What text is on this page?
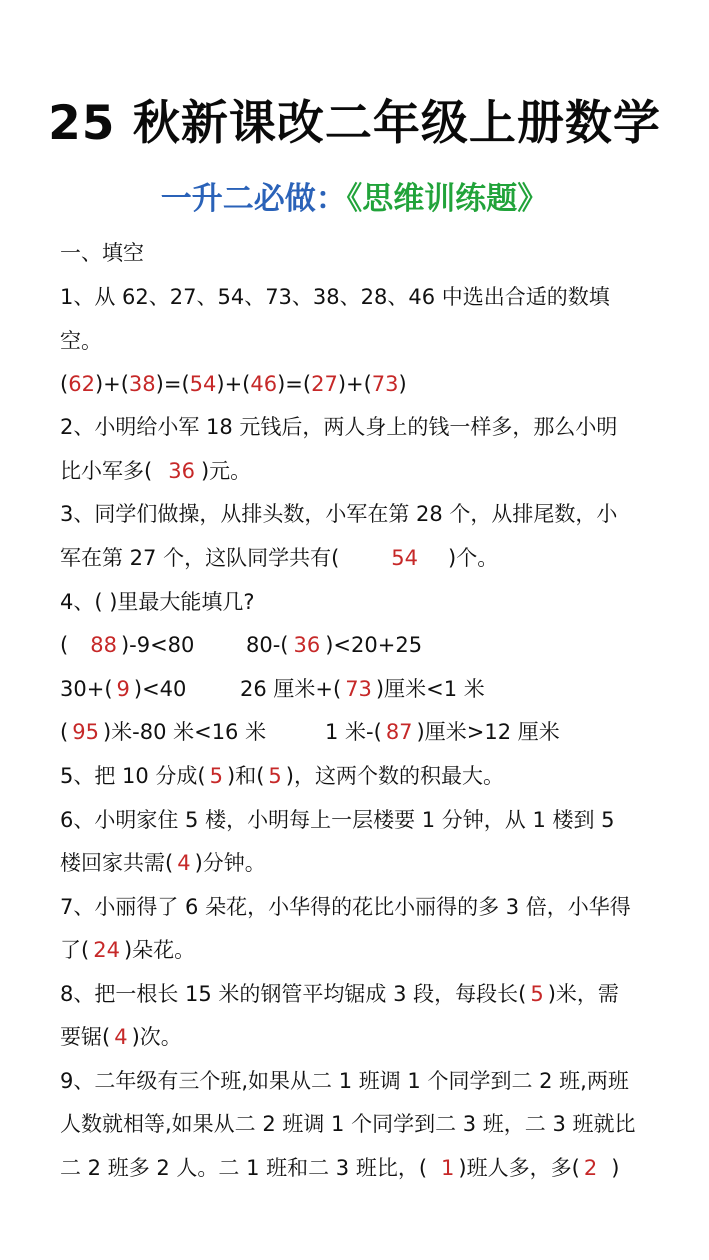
25 秋新课改二年级上册数学
一升二必做：《思维训练题》
一、填空
1、从 62、27、54、73、38、28、46 中选出合适的数填
空。
(62)+(38)=(54)+(46)=(27)+(73)
2、小明给小军 18 元钱后，两人身上的钱一样多，那么小明
比小军多( 36 )元。
3、同学们做操，从排头数，小军在第 28 个，从排尾数，小
军在第 27 个，这队同学共有( 54 )个。
4、( )里最大能填几?
( 88 )-9<80 80-( 36 )<20+25
30+( 9 )<40	26 厘米+( 73 )厘米<1 米
( 95 )米-80 米<16 米	1 米-( 87 )厘米>12 厘米
5、把 10 分成( 5 )和( 5 )，这两个数的积最大。
6、小明家住 5 楼，小明每上一层楼要 1 分钟，从 1 楼到 5
楼回家共需( 4 )分钟。
7、小丽得了 6 朵花，小华得的花比小丽得的多 3 倍，小华得
了( 24 )朵花。
8、把一根长 15 米的钢管平均锯成 3 段，每段长( 5 )米，需
要锯( 4 )次。
9、二年级有三个班,如果从二 1 班调 1 个同学到二 2 班,两班
人数就相等,如果从二 2 班调 1 个同学到二 3 班，二 3 班就比
二 2 班多 2 人。二 1 班和二 3 班比，( 1 )班人多，多( 2 )
